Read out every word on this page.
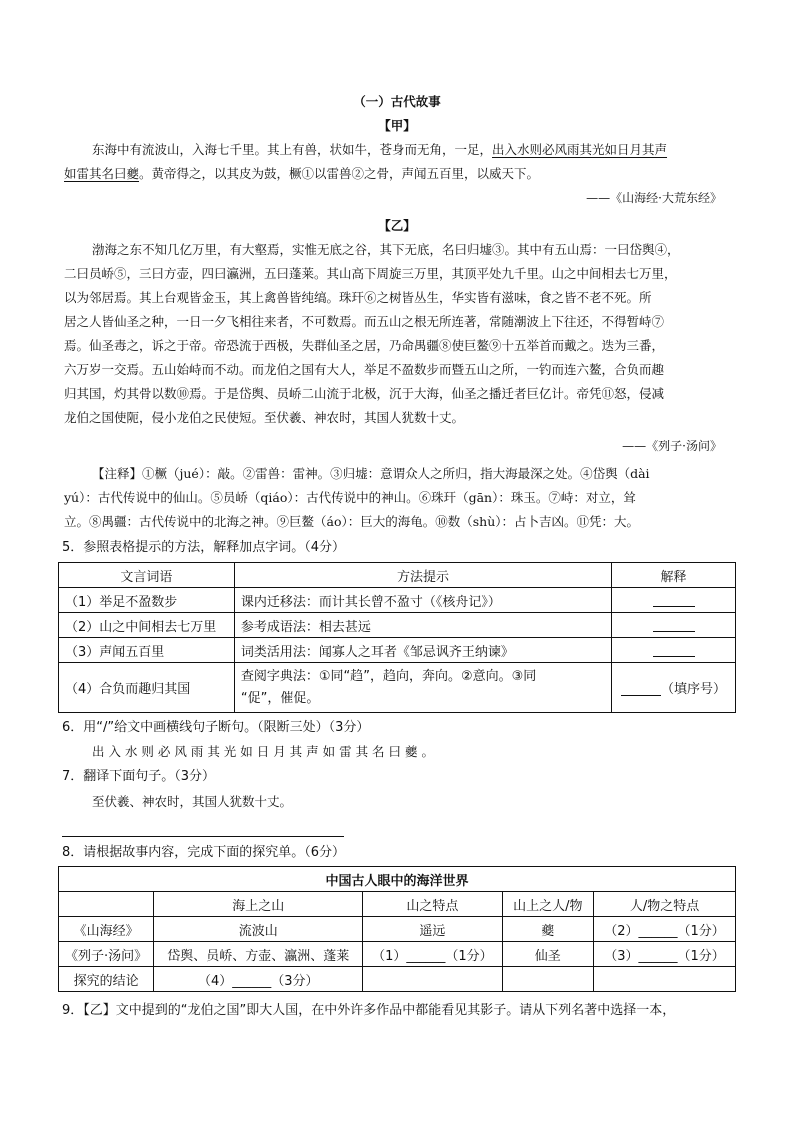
（一）古代故事
【甲】
东海中有流波山，入海七千里。其上有兽，状如牛，苍身而无角，一足，出入水则必风雨其光如日月其声
如雷其名曰夔。黄帝得之，以其皮为鼓，橛①以雷兽②之骨，声闻五百里，以威天下。
——《山海经·大荒东经》
【乙】
渤海之东不知几亿万里，有大壑焉，实惟无底之谷，其下无底，名曰归墟③。其中有五山焉：一曰岱舆④，
二曰员峤⑤，三曰方壶，四曰瀛洲，五曰蓬莱。其山高下周旋三万里，其顶平处九千里。山之中间相去七万里，
以为邻居焉。其上台观皆金玉，其上禽兽皆纯缟。珠玕⑥之树皆丛生，华实皆有滋味，食之皆不老不死。所
居之人皆仙圣之种，一日一夕飞相往来者，不可数焉。而五山之根无所连著，常随潮波上下往还，不得暂峙⑦
焉。仙圣毒之，诉之于帝。帝恐流于西极，失群仙圣之居，乃命禺疆⑧使巨鳌⑨十五举首而戴之。迭为三番，
六万岁一交焉。五山始峙而不动。而龙伯之国有大人，举足不盈数步而暨五山之所，一钓而连六鳌，合负而趣
归其国，灼其骨以数⑩焉。于是岱舆、员峤二山流于北极，沉于大海，仙圣之播迁者巨亿计。帝凭⑪怒，侵减
龙伯之国使阨，侵小龙伯之民使短。至伏羲、神农时，其国人犹数十丈。
——《列子·汤问》
【注释】①橛（jué）：敲。②雷兽：雷神。③归墟：意谓众人之所归，指大海最深之处。④岱舆（dài
yú）：古代传说中的仙山。⑤员峤（qiáo）：古代传说中的神山。⑥珠玕（gān）：珠玉。⑦峙：对立，耸
立。⑧禺疆：古代传说中的北海之神。⑨巨鳌（áo）：巨大的海龟。⑩数（shù）：占卜吉凶。⑪凭：大。
5．参照表格提示的方法，解释加点字词。（4分）
文言词语	方法提示	解释
（1）举足不盈数步	课内迁移法：而计其长曾不盈寸（《核舟记》）	
（2）山之中间相去七万里	参考成语法：相去甚远	
（3）声闻五百里	词类活用法：闻寡人之耳者《邹忌讽齐王纳谏》	
（4）合负而趣归其国	查阅字典法：①同“趋”，趋向，奔向。②意向。③同
“促”，催促。	（填序号）
6．用“/”给文中画横线句子断句。（限断三处）（3分）
出 入 水 则 必 风 雨 其 光 如 日 月 其 声 如 雷 其 名 曰 夔 。
7．翻译下面句子。（3分）
至伏羲、神农时，其国人犹数十丈。
8．请根据故事内容，完成下面的探究单。（6分）
中国古人眼中的海洋世界				
	海上之山	山之特点	山上之人/物	人/物之特点
《山海经》	流波山	遥远	夔	（2）______（1分）
《列子·汤问》	岱舆、员峤、方壶、瀛洲、蓬莱	（1）______（1分）	仙圣	（3）______（1分）
探究的结论	（4）______（3分）			
9．【乙】文中提到的“龙伯之国”即大人国，在中外许多作品中都能看见其影子。请从下列名著中选择一本，
